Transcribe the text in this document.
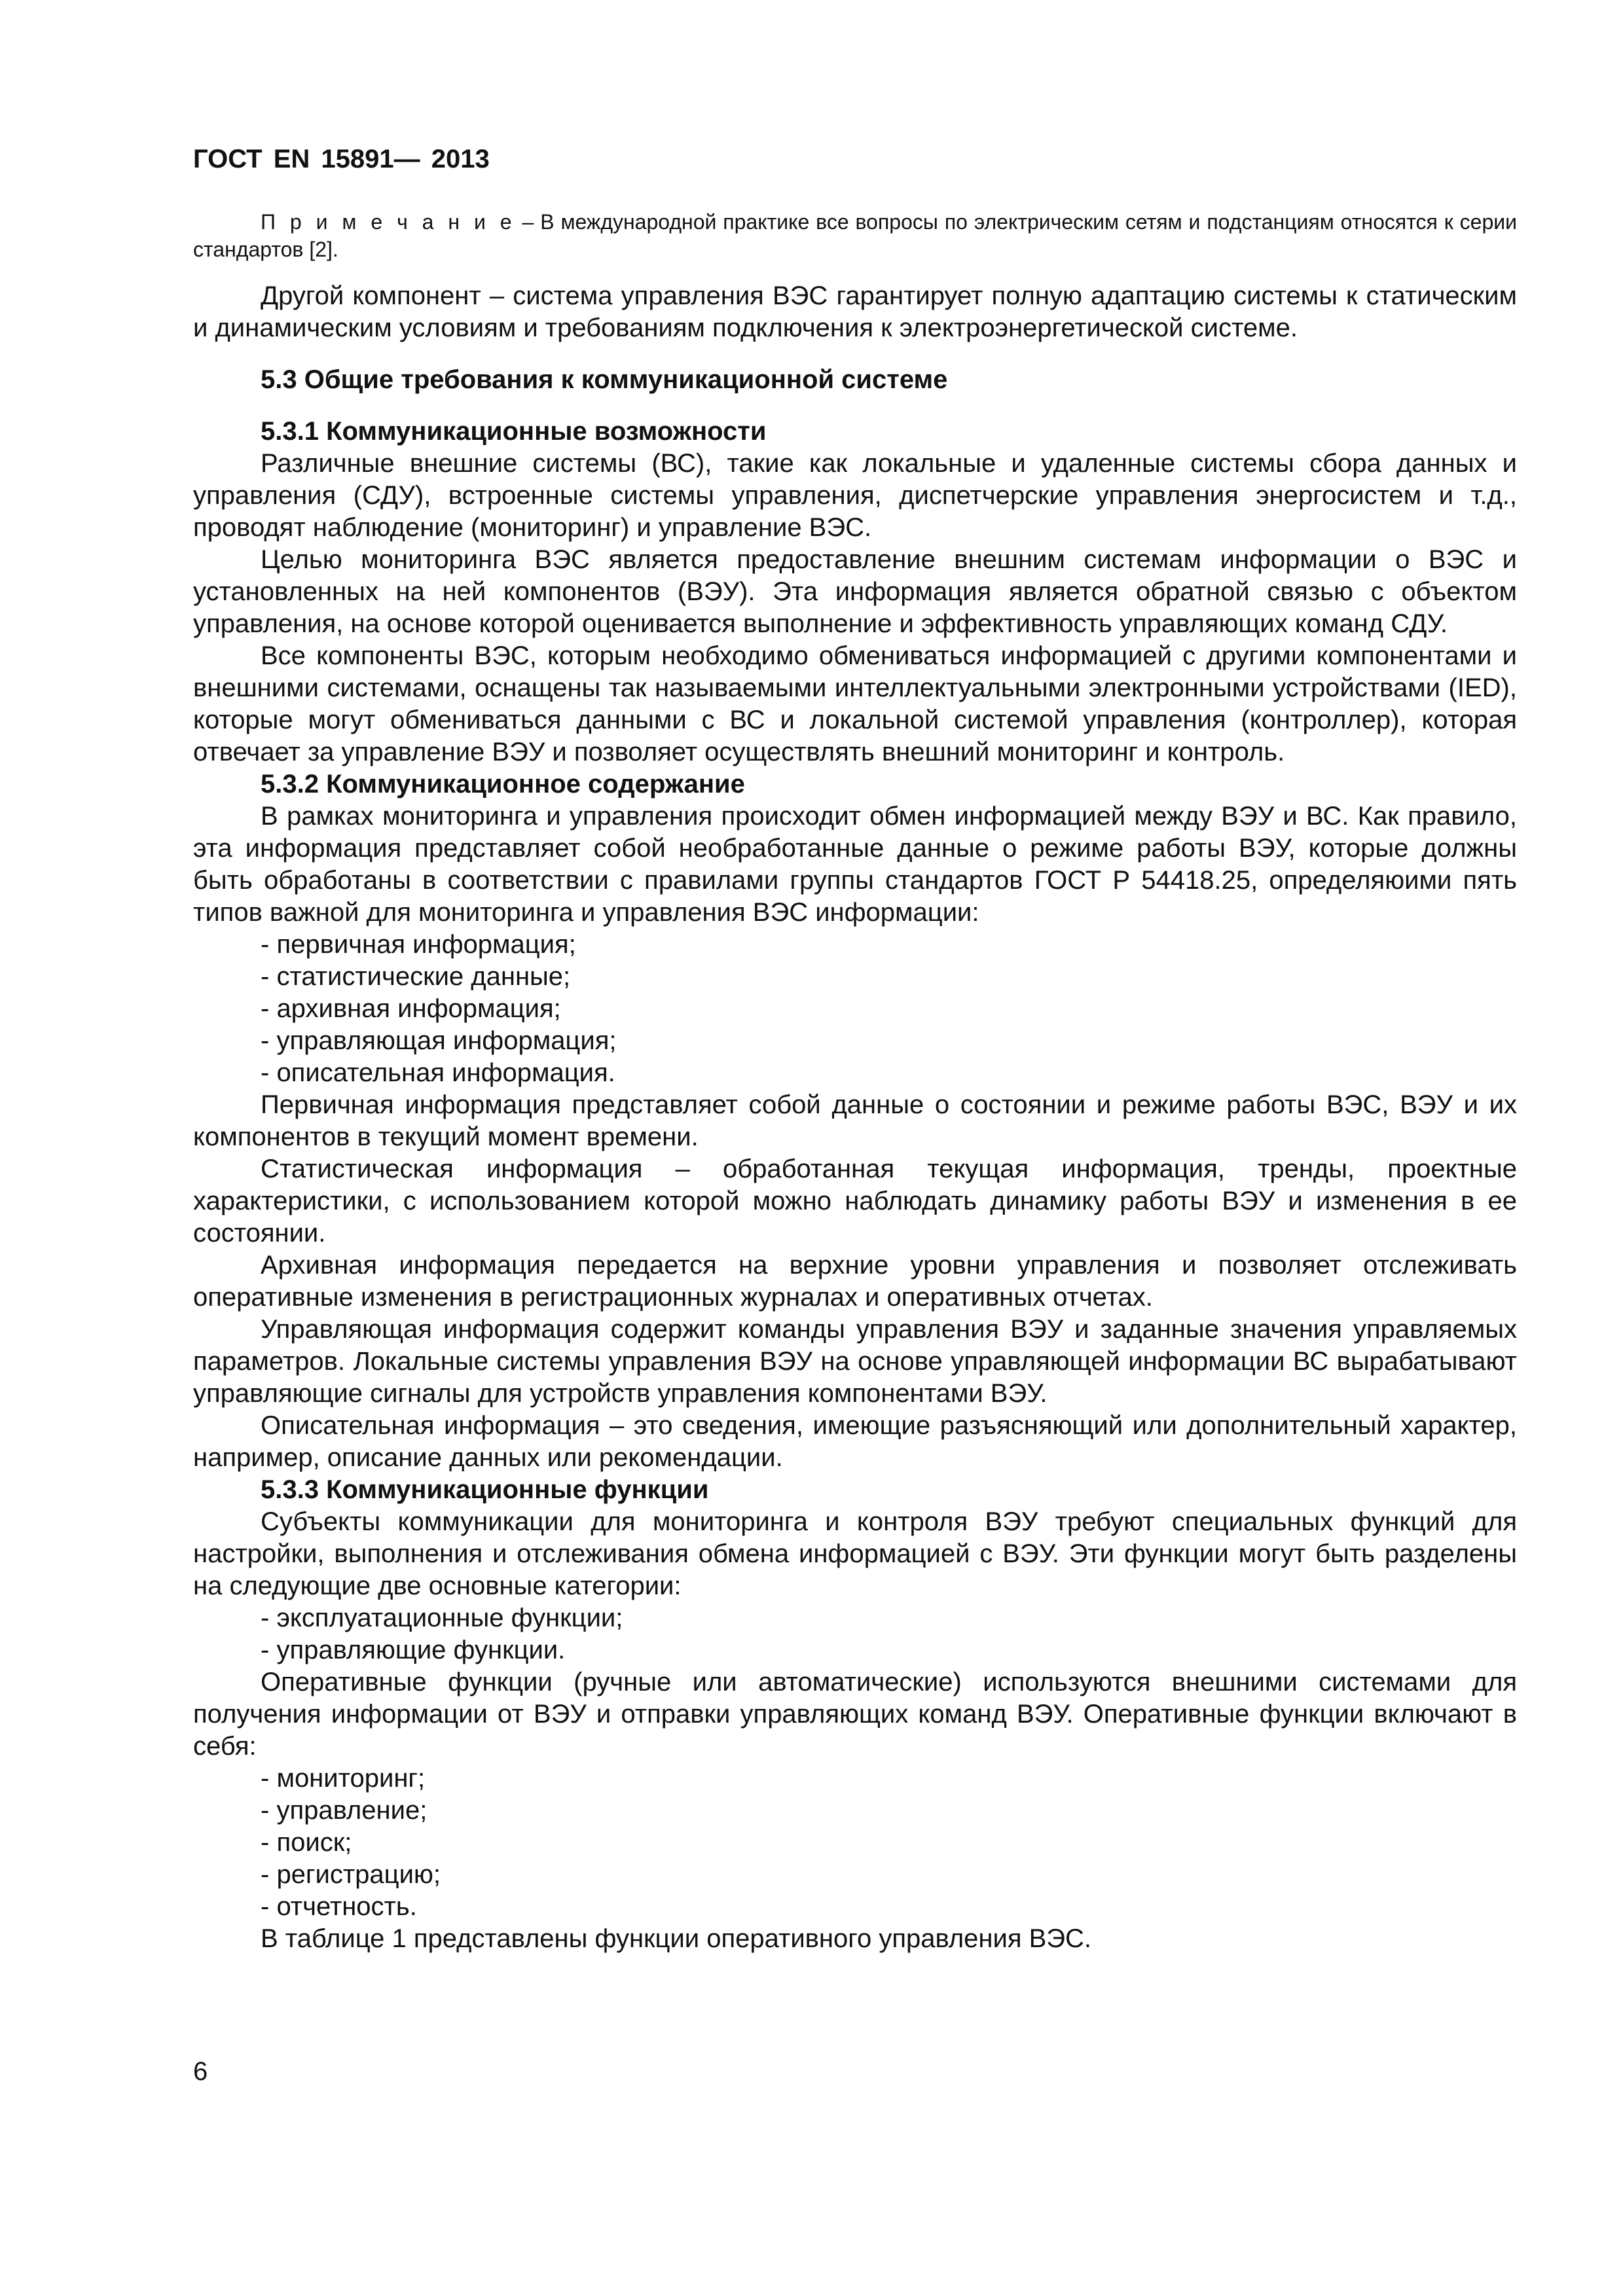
ГОСТ EN 15891— 2013

П р и м е ч а н и е – В международной практике все вопросы по электрическим сетям и подстанциям относятся к серии стандартов [2].

Другой компонент – система управления ВЭС гарантирует полную адаптацию системы к статическим и динамическим условиям и требованиям подключения к электроэнергетической системе.

5.3 Общие требования к коммуникационной системе
5.3.1 Коммуникационные возможности

Различные внешние системы (ВС), такие как локальные и удаленные системы сбора данных и управления (СДУ), встроенные системы управления, диспетчерские управления энергосистем и т.д., проводят наблюдение (мониторинг) и управление ВЭС.

Целью мониторинга ВЭС является предоставление внешним системам информации о ВЭС и установленных на ней компонентов (ВЭУ). Эта информация является обратной связью с объектом управления, на основе которой оценивается выполнение и эффективность управляющих команд СДУ.

Все компоненты ВЭС, которым необходимо обмениваться информацией с другими компонентами и внешними системами, оснащены так называемыми интеллектуальными электронными устройствами (IED), которые могут обмениваться данными с ВС и локальной системой управления (контроллер), которая отвечает за управление ВЭУ и позволяет осуществлять внешний мониторинг и контроль.

5.3.2 Коммуникационное содержание

В рамках мониторинга и управления происходит обмен информацией между ВЭУ и ВС. Как правило, эта информация представляет собой необработанные данные о режиме работы ВЭУ, которые должны быть обработаны в соответствии с правилами группы стандартов ГОСТ Р 54418.25, определяюими пять типов важной для мониторинга и управления ВЭС информации:

- первичная информация;
- статистические данные;
- архивная информация;
- управляющая информация;
- описательная информация.

Первичная информация представляет собой данные о состоянии и режиме работы ВЭС, ВЭУ и их компонентов в текущий момент времени.

Статистическая информация – обработанная текущая информация, тренды, проектные характеристики, с использованием которой можно наблюдать динамику работы ВЭУ и изменения в ее состоянии.

Архивная информация передается на верхние уровни управления и позволяет отслеживать оперативные изменения в регистрационных журналах и оперативных отчетах.

Управляющая информация содержит команды управления ВЭУ и заданные значения управляемых параметров. Локальные системы управления ВЭУ на основе управляющей информации ВС вырабатывают управляющие сигналы для устройств управления компонентами ВЭУ.

Описательная информация – это сведения, имеющие разъясняющий или дополнительный характер, например, описание данных или рекомендации.

5.3.3 Коммуникационные функции

Субъекты коммуникации для мониторинга и контроля ВЭУ требуют специальных функций для настройки, выполнения и отслеживания обмена информацией с ВЭУ. Эти функции могут быть разделены на следующие две основные категории:

- эксплуатационные функции;
- управляющие функции.

Оперативные функции (ручные или автоматические) используются внешними системами для получения информации от ВЭУ и отправки управляющих команд ВЭУ. Оперативные функции включают в себя:

- мониторинг;
- управление;
- поиск;
- регистрацию;
- отчетность.

В таблице 1 представлены функции оперативного управления ВЭС.

6
